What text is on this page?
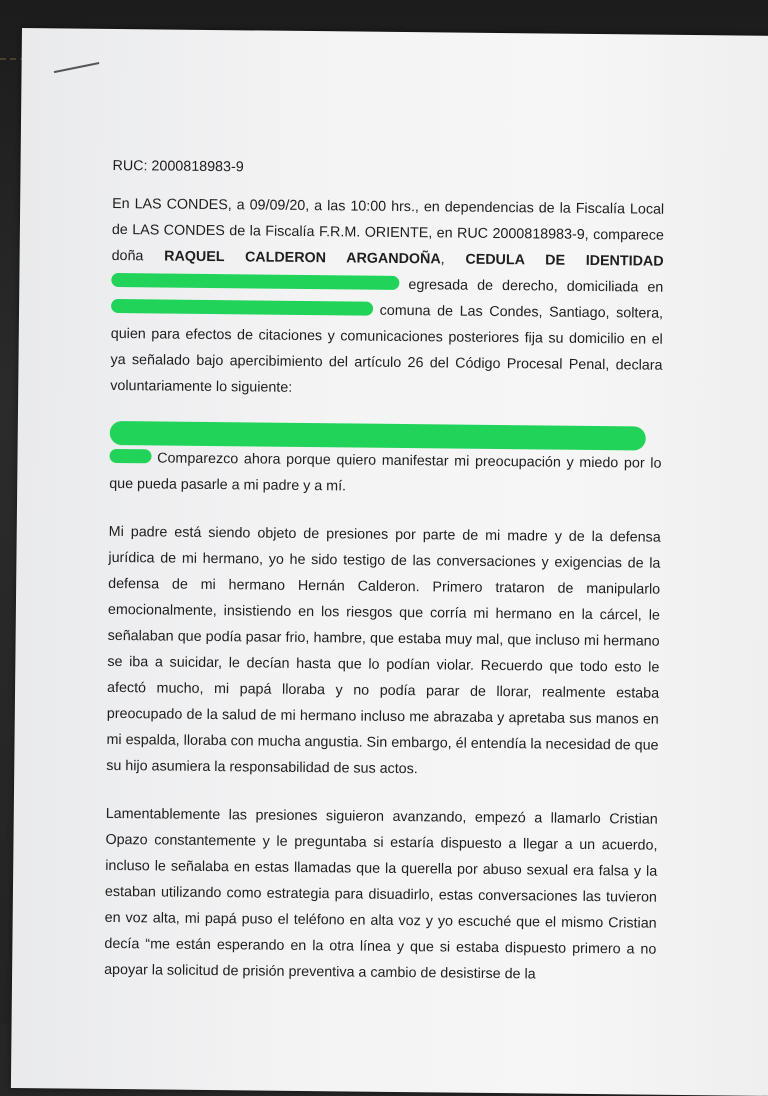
RUC: 2000818983-9

En LAS CONDES, a 09/09/20, a las 10:00 hrs., en dependencias de la Fiscalía Local de LAS CONDES de la Fiscalía F.R.M. ORIENTE, en RUC 2000818983-9, comparece doña RAQUEL CALDERON ARGANDOÑA, CEDULA DE IDENTIDAD  egresada de derecho, domiciliada en  comuna de Las Condes, Santiago, soltera, quien para efectos de citaciones y comunicaciones posteriores fija su domicilio en el ya señalado bajo apercibimiento del artículo 26 del Código Procesal Penal, declara voluntariamente lo siguiente:

Comparezco ahora porque quiero manifestar mi preocupación y miedo por lo que pueda pasarle a mi padre y a mí.

Mi padre está siendo objeto de presiones por parte de mi madre y de la defensa jurídica de mi hermano, yo he sido testigo de las conversaciones y exigencias de la defensa de mi hermano Hernán Calderon. Primero trataron de manipularlo emocionalmente, insistiendo en los riesgos que corría mi hermano en la cárcel, le señalaban que podía pasar frio, hambre, que estaba muy mal, que incluso mi hermano se iba a suicidar, le decían hasta que lo podían violar. Recuerdo que todo esto le afectó mucho, mi papá lloraba y no podía parar de llorar, realmente estaba preocupado de la salud de mi hermano incluso me abrazaba y apretaba sus manos en mi espalda, lloraba con mucha angustia. Sin embargo, él entendía la necesidad de que su hijo asumiera la responsabilidad de sus actos.

Lamentablemente las presiones siguieron avanzando, empezó a llamarlo Cristian Opazo constantemente y le preguntaba si estaría dispuesto a llegar a un acuerdo, incluso le señalaba en estas llamadas que la querella por abuso sexual era falsa y la estaban utilizando como estrategia para disuadirlo, estas conversaciones las tuvieron en voz alta, mi papá puso el teléfono en alta voz y yo escuché que el mismo Cristian decía “me están esperando en la otra línea y que si estaba dispuesto primero a no apoyar la solicitud de prisión preventiva a cambio de desistirse de la
